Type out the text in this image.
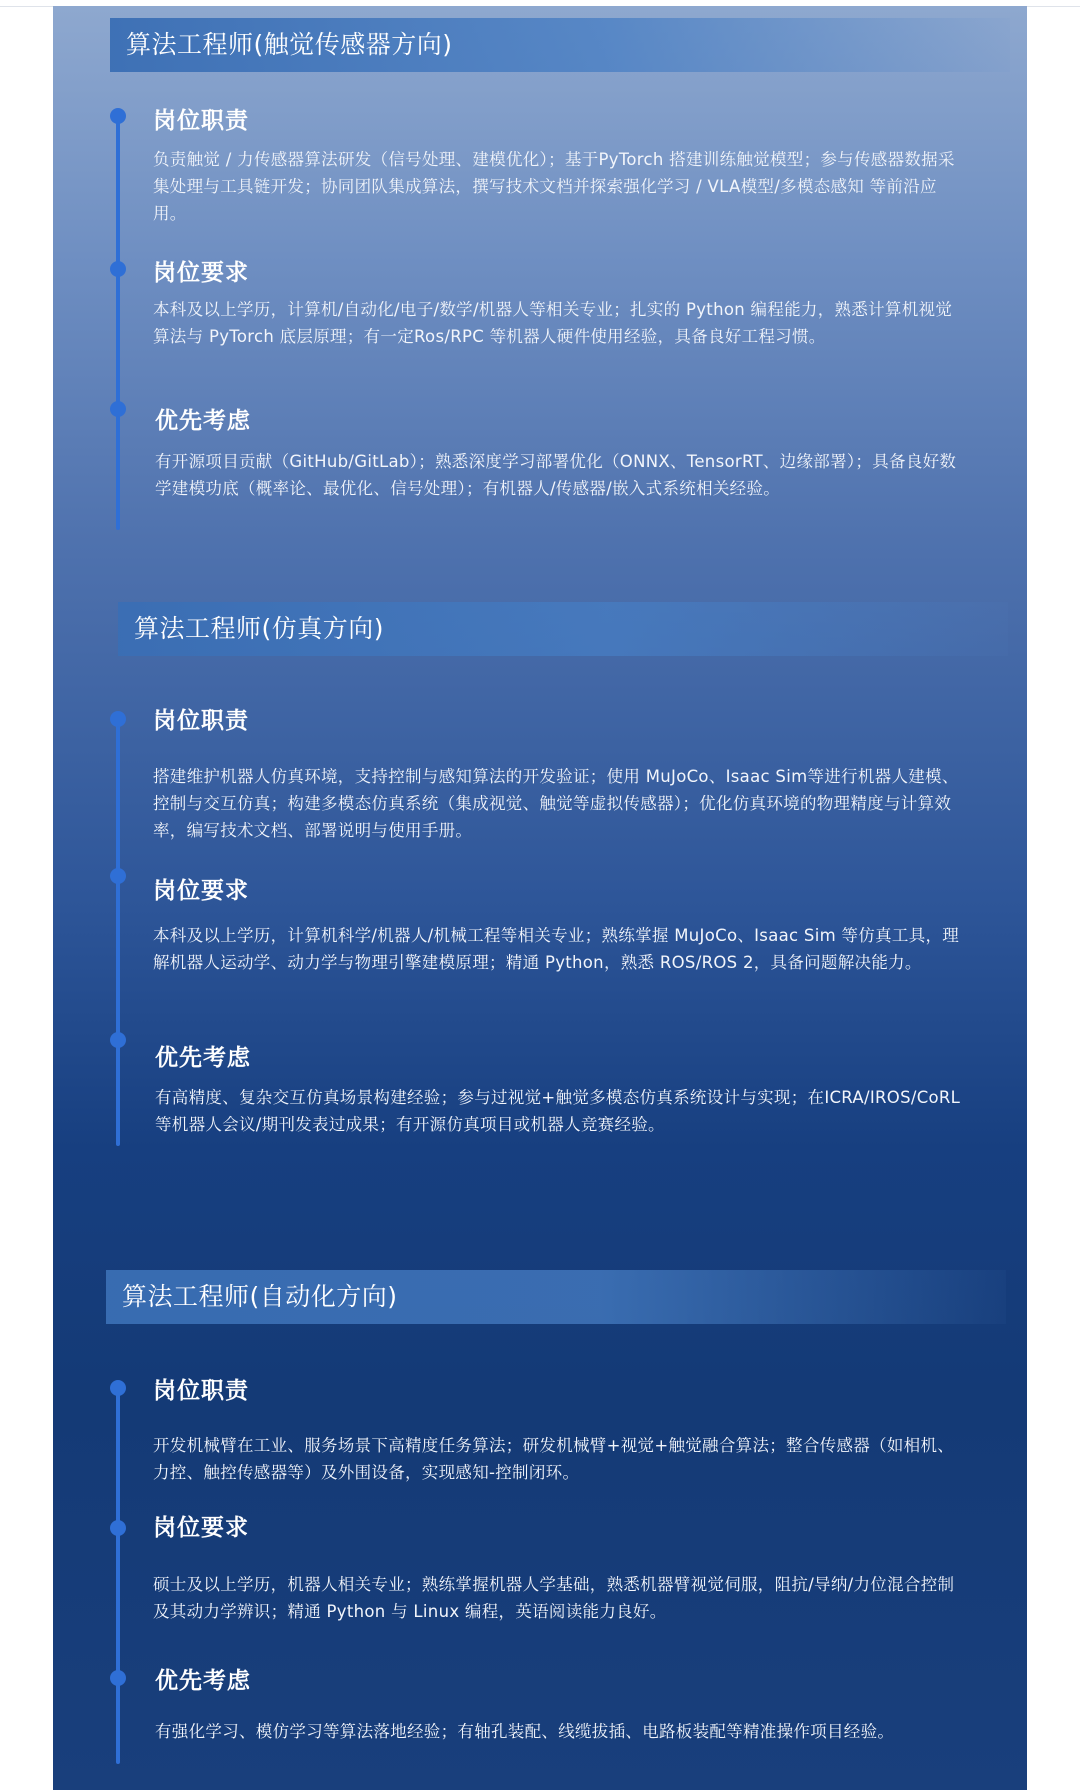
算法工程师(触觉传感器方向)
岗位职责
负责触觉 / 力传感器算法研发（信号处理、建模优化）；基于PyTorch 搭建训练触觉模型；参与传感器数据采集处理与工具链开发；协同团队集成算法，撰写技术文档并探索强化学习 / VLA模型/多模态感知 等前沿应用。
岗位要求
本科及以上学历，计算机/自动化/电子/数学/机器人等相关专业；扎实的 Python 编程能力，熟悉计算机视觉算法与 PyTorch 底层原理；有一定Ros/RPC 等机器人硬件使用经验，具备良好工程习惯。
优先考虑
有开源项目贡献（GitHub/GitLab）；熟悉深度学习部署优化（ONNX、TensorRT、边缘部署）；具备良好数学建模功底（概率论、最优化、信号处理）；有机器人/传感器/嵌入式系统相关经验。
算法工程师(仿真方向)
岗位职责
搭建维护机器人仿真环境，支持控制与感知算法的开发验证；使用 MuJoCo、Isaac Sim等进行机器人建模、控制与交互仿真；构建多模态仿真系统（集成视觉、触觉等虚拟传感器）；优化仿真环境的物理精度与计算效率，编写技术文档、部署说明与使用手册。
岗位要求
本科及以上学历，计算机科学/机器人/机械工程等相关专业；熟练掌握 MuJoCo、Isaac Sim 等仿真工具，理解机器人运动学、动力学与物理引擎建模原理；精通 Python，熟悉 ROS/ROS 2，具备问题解决能力。
优先考虑
有高精度、复杂交互仿真场景构建经验；参与过视觉+触觉多模态仿真系统设计与实现；在ICRA/IROS/CoRL等机器人会议/期刊发表过成果；有开源仿真项目或机器人竞赛经验。
算法工程师(自动化方向)
岗位职责
开发机械臂在工业、服务场景下高精度任务算法；研发机械臂+视觉+触觉融合算法；整合传感器（如相机、力控、触控传感器等）及外围设备，实现感知-控制闭环。
岗位要求
硕士及以上学历，机器人相关专业；熟练掌握机器人学基础，熟悉机器臂视觉伺服，阻抗/导纳/力位混合控制及其动力学辨识；精通 Python 与 Linux 编程，英语阅读能力良好。
优先考虑
有强化学习、模仿学习等算法落地经验；有轴孔装配、线缆拔插、电路板装配等精准操作项目经验。
